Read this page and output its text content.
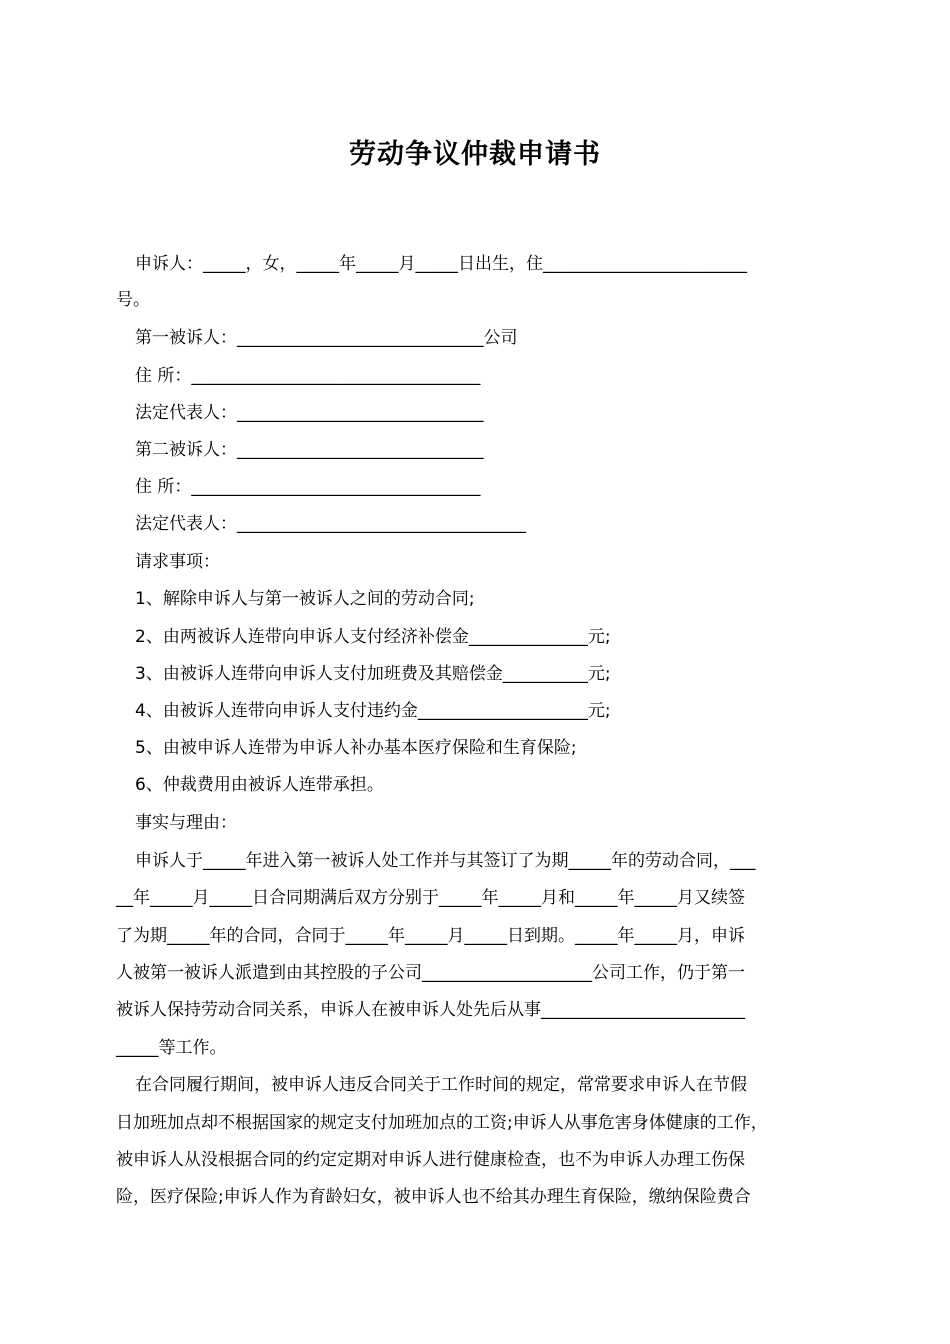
劳动争议仲裁申请书
申诉人：_____，女，_____年_____月_____日出生，住________________________
号。
第一被诉人：_____________________________公司
住 所：__________________________________
法定代表人：_____________________________
第二被诉人：_____________________________
住 所：__________________________________
法定代表人：__________________________________
请求事项：
1、解除申诉人与第一被诉人之间的劳动合同;
2、由两被诉人连带向申诉人支付经济补偿金______________元;
3、由被诉人连带向申诉人支付加班费及其赔偿金__________元;
4、由被诉人连带向申诉人支付违约金____________________元;
5、由被申诉人连带为申诉人补办基本医疗保险和生育保险;
6、仲裁费用由被诉人连带承担。
事实与理由：
申诉人于_____年进入第一被诉人处工作并与其签订了为期_____年的劳动合同，___
__年_____月_____日合同期满后双方分别于_____年_____月和_____年_____月又续签
了为期_____年的合同，合同于_____年_____月_____日到期。_____年_____月，申诉
人被第一被诉人派遣到由其控股的子公司____________________公司工作，仍于第一
被诉人保持劳动合同关系，申诉人在被申诉人处先后从事________________________
_____等工作。
在合同履行期间，被申诉人违反合同关于工作时间的规定，常常要求申诉人在节假
日加班加点却不根据国家的规定支付加班加点的工资;申诉人从事危害身体健康的工作，
被申诉人从没根据合同的约定定期对申诉人进行健康检查，也不为申诉人办理工伤保
险，医疗保险;申诉人作为育龄妇女，被申诉人也不给其办理生育保险，缴纳保险费合
